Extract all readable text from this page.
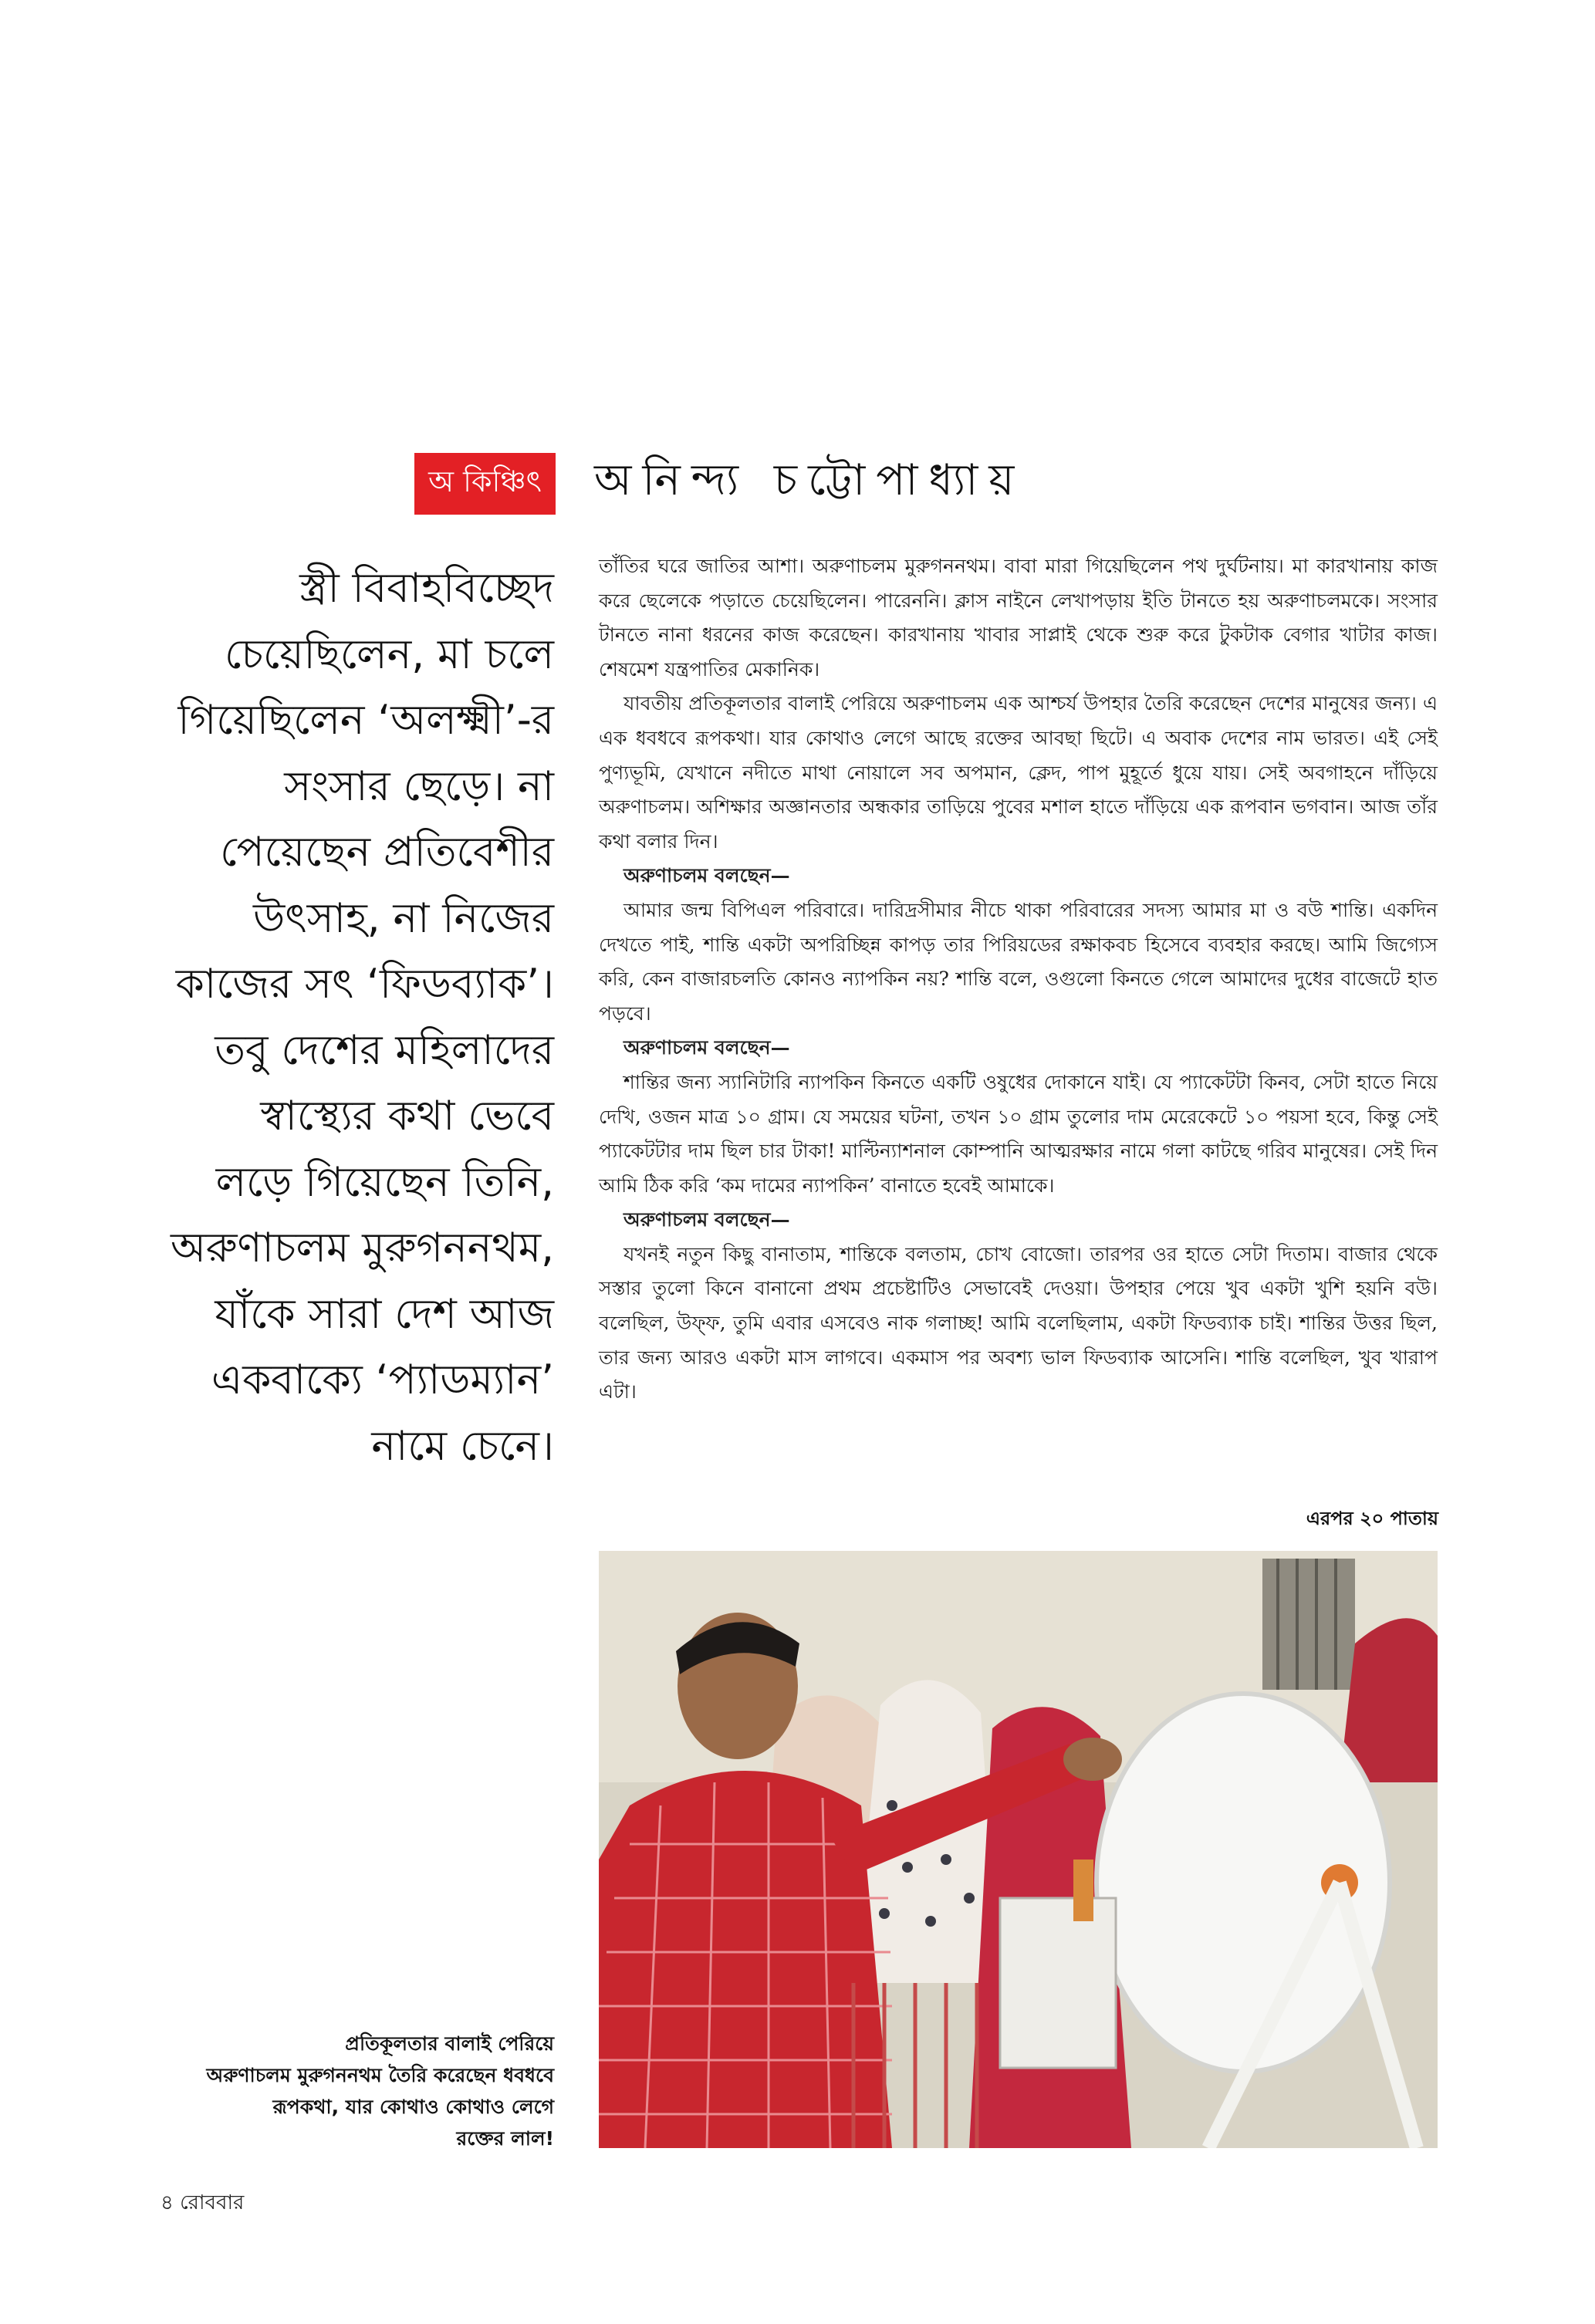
অ কিঞ্চিৎ	অনিন্দ্য চট্টোপাধ্যায়
স্ত্রী বিবাহবিচ্ছেদ
চেয়েছিলেন, মা চলে
গিয়েছিলেন ‘অলক্ষ্মী’-র
সংসার ছেড়ে। না
পেয়েছেন প্রতিবেশীর
উৎসাহ, না নিজের
কাজের সৎ ‘ফিডব্যাক’।
তবু দেশের মহিলাদের
স্বাস্থ্যের কথা ভেবে
লড়ে গিয়েছেন তিনি,
অরুণাচলম মুরুগননথম,
যাঁকে সারা দেশ আজ
একবাক্যে ‘প্যাডম্যান’
নামে চেনে।

তাঁতির ঘরে জাতির আশা। অরুণাচলম মুরুগননথম। বাবা মারা গিয়েছিলেন পথ দুর্ঘটনায়। মা কারখানায় কাজ করে ছেলেকে পড়াতে চেয়েছিলেন। পারেননি। ক্লাস নাইনে লেখাপড়ায় ইতি টানতে হয় অরুণাচলমকে। সংসার টানতে নানা ধরনের কাজ করেছেন। কারখানায় খাবার সাপ্লাই থেকে শুরু করে টুকটাক বেগার খাটার কাজ। শেষমেশ যন্ত্রপাতির মেকানিক।

যাবতীয় প্রতিকূলতার বালাই পেরিয়ে অরুণাচলম এক আশ্চর্য উপহার তৈরি করেছেন দেশের মানুষের জন্য। এ এক ধবধবে রূপকথা। যার কোথাও লেগে আছে রক্তের আবছা ছিটে। এ অবাক দেশের নাম ভারত। এই সেই পুণ্যভূমি, যেখানে নদীতে মাথা নোয়ালে সব অপমান, ক্লেদ, পাপ মুহূর্তে ধুয়ে যায়। সেই অবগাহনে দাঁড়িয়ে অরুণাচলম। অশিক্ষার অজ্ঞানতার অন্ধকার তাড়িয়ে পুবের মশাল হাতে দাঁড়িয়ে এক রূপবান ভগবান। আজ তাঁর কথা বলার দিন।

অরুণাচলম বলছেন—

আমার জন্ম বিপিএল পরিবারে। দারিদ্রসীমার নীচে থাকা পরিবারের সদস্য আমার মা ও বউ শান্তি। একদিন দেখতে পাই, শান্তি একটা অপরিচ্ছিন্ন কাপড় তার পিরিয়ডের রক্ষাকবচ হিসেবে ব্যবহার করছে। আমি জিগ্যেস করি, কেন বাজারচলতি কোনও ন্যাপকিন নয়? শান্তি বলে, ওগুলো কিনতে গেলে আমাদের দুধের বাজেটে হাত পড়বে।

অরুণাচলম বলছেন—

শান্তির জন্য স্যানিটারি ন্যাপকিন কিনতে একটি ওষুধের দোকানে যাই। যে প্যাকেটটা কিনব, সেটা হাতে নিয়ে দেখি, ওজন মাত্র ১০ গ্রাম। যে সময়ের ঘটনা, তখন ১০ গ্রাম তুলোর দাম মেরেকেটে ১০ পয়সা হবে, কিন্তু সেই প্যাকেটটার দাম ছিল চার টাকা! মাল্টিন্যাশনাল কোম্পানি আত্মরক্ষার নামে গলা কাটছে গরিব মানুষের। সেই দিন আমি ঠিক করি ‘কম দামের ন্যাপকিন’ বানাতে হবেই আমাকে।

অরুণাচলম বলছেন—

যখনই নতুন কিছু বানাতাম, শান্তিকে বলতাম, চোখ বোজো। তারপর ওর হাতে সেটা দিতাম। বাজার থেকে সস্তার তুলো কিনে বানানো প্রথম প্রচেষ্টাটিও সেভাবেই দেওয়া। উপহার পেয়ে খুব একটা খুশি হয়নি বউ। বলেছিল, উফ্ফ, তুমি এবার এসবেও নাক গলাচ্ছ! আমি বলেছিলাম, একটা ফিডব্যাক চাই। শান্তির উত্তর ছিল, তার জন্য আরও একটা মাস লাগবে। একমাস পর অবশ্য ভাল ফিডব্যাক আসেনি। শান্তি বলেছিল, খুব খারাপ এটা।

এরপর ২০ পাতায়
প্রতিকূলতার বালাই পেরিয়ে
অরুণাচলম মুরুগননথম তৈরি করেছেন ধবধবে
রূপকথা, যার কোথাও কোথাও লেগে
রক্তের লাল!
৪ রোববার
